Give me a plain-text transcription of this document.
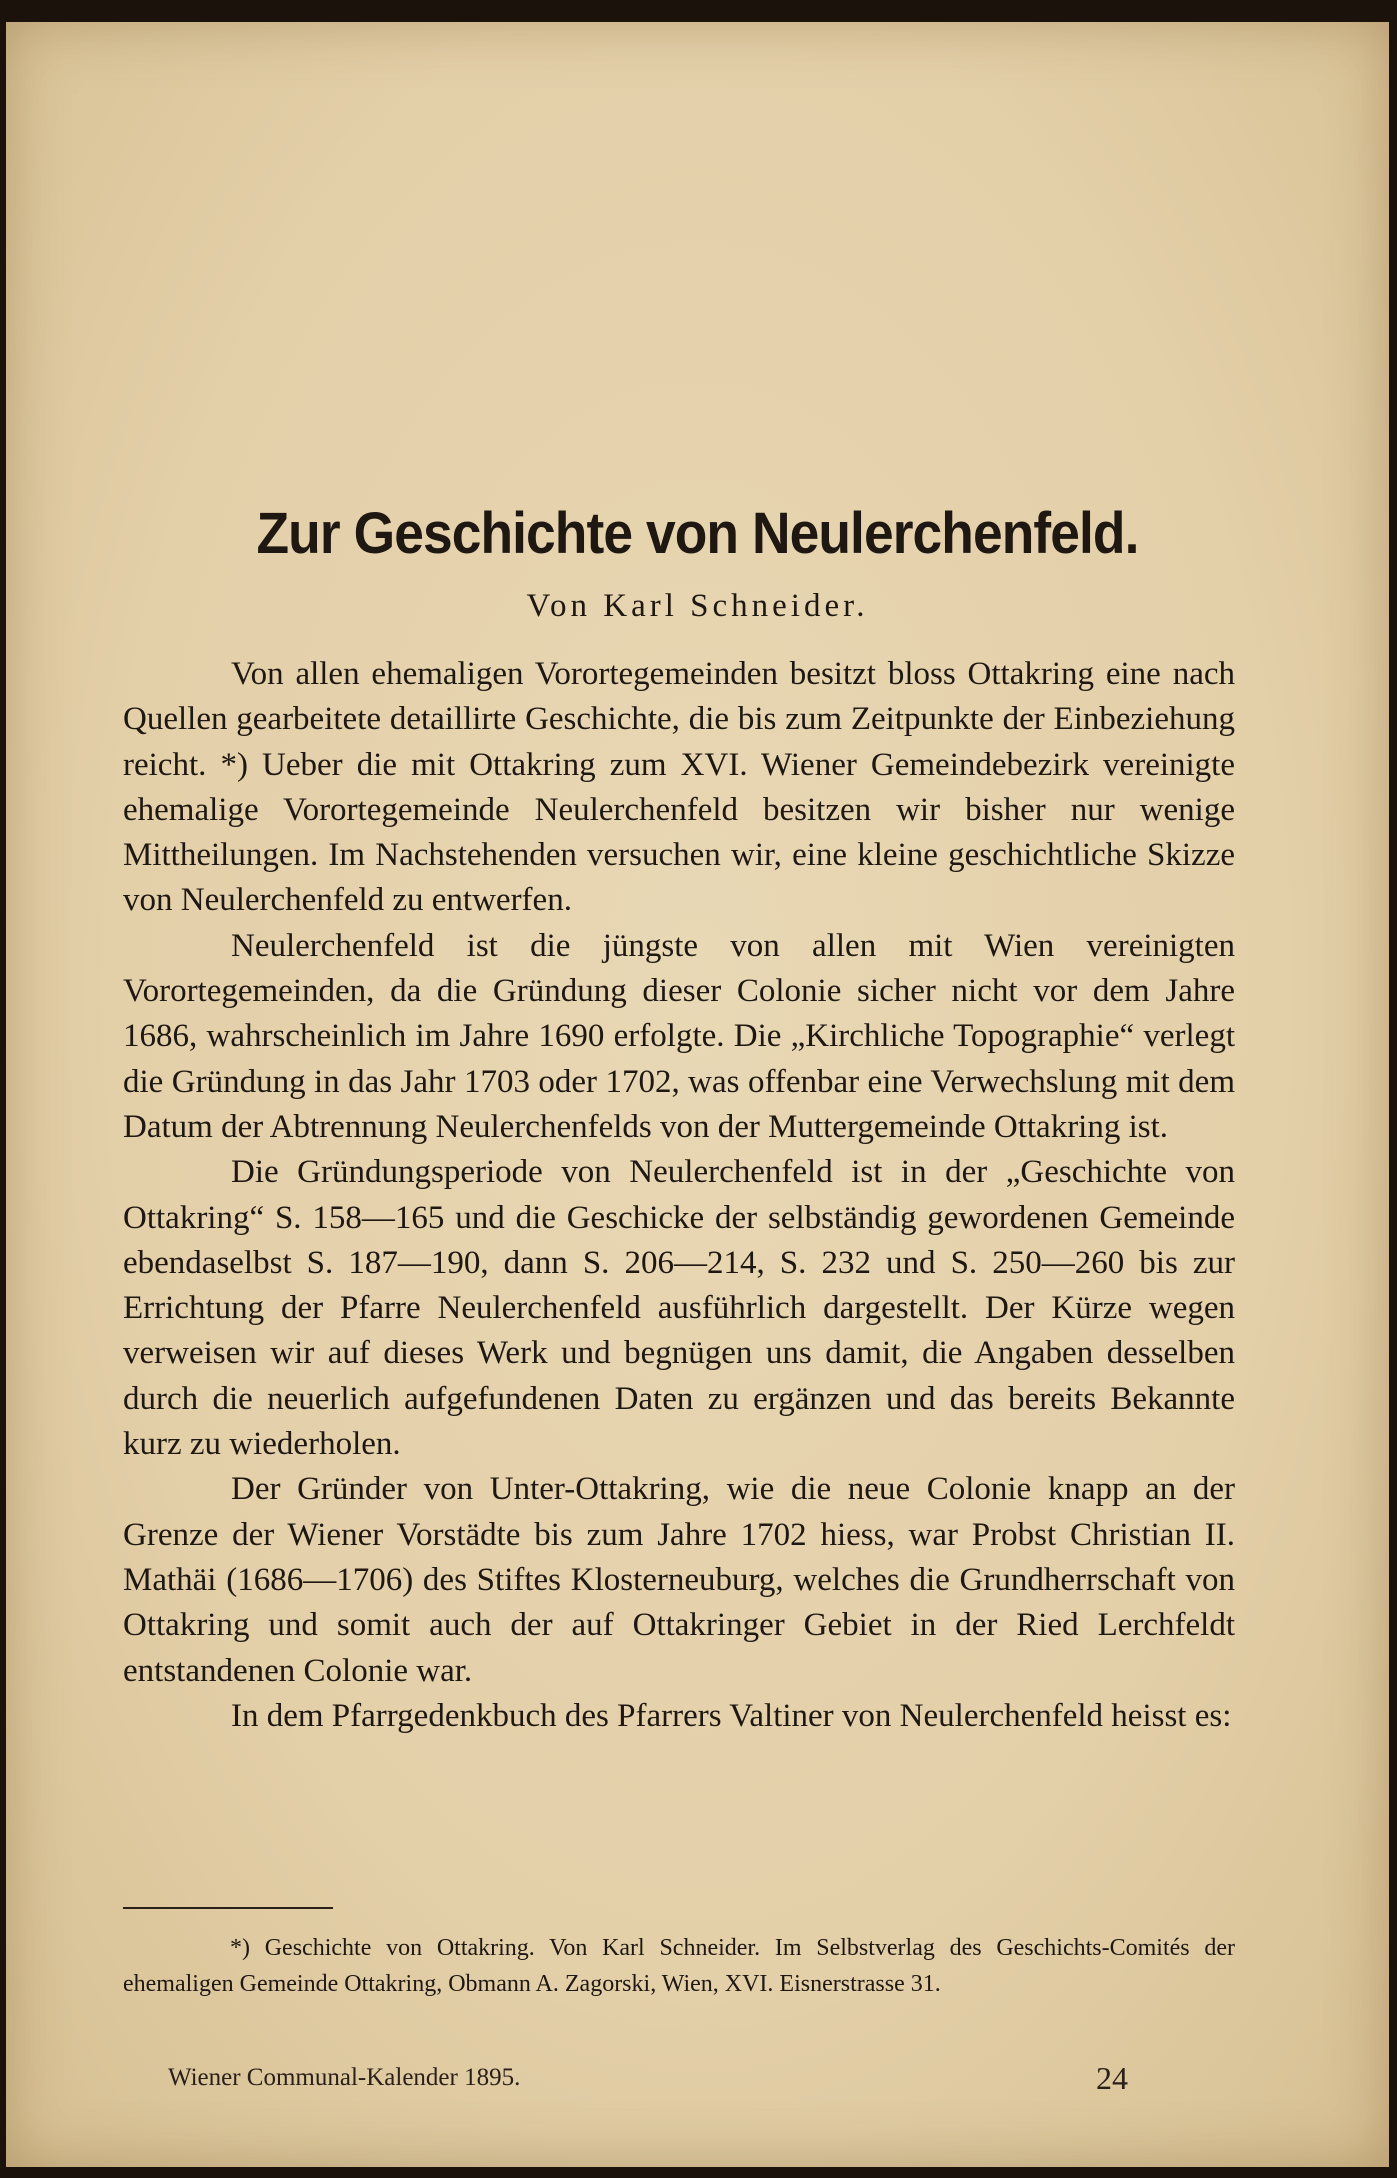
Zur Geschichte von Neulerchenfeld.
Von Karl Schneider.

Von allen ehemaligen Vorortegemeinden besitzt bloss Ottakring eine nach Quellen gearbeitete detaillirte Geschichte, die bis zum Zeitpunkte der Einbeziehung reicht. *) Ueber die mit Ottakring zum XVI. Wiener Gemeindebezirk vereinigte ehemalige Vorortegemeinde Neulerchenfeld besitzen wir bisher nur wenige Mittheilungen. Im Nachstehenden versuchen wir, eine kleine geschichtliche Skizze von Neulerchenfeld zu entwerfen.

Neulerchenfeld ist die jüngste von allen mit Wien vereinigten Vorortegemeinden, da die Gründung dieser Colonie sicher nicht vor dem Jahre 1686, wahrscheinlich im Jahre 1690 erfolgte. Die „Kirchliche Topographie“ verlegt die Gründung in das Jahr 1703 oder 1702, was offenbar eine Verwechslung mit dem Datum der Abtrennung Neulerchenfelds von der Muttergemeinde Ottakring ist.

Die Gründungsperiode von Neulerchenfeld ist in der „Geschichte von Ottakring“ S. 158—165 und die Geschicke der selbständig gewordenen Gemeinde ebendaselbst S. 187—190, dann S. 206—214, S. 232 und S. 250—260 bis zur Errichtung der Pfarre Neulerchenfeld ausführlich dargestellt. Der Kürze wegen verweisen wir auf dieses Werk und begnügen uns damit, die Angaben desselben durch die neuerlich aufgefundenen Daten zu ergänzen und das bereits Bekannte kurz zu wiederholen.

Der Gründer von Unter-Ottakring, wie die neue Colonie knapp an der Grenze der Wiener Vorstädte bis zum Jahre 1702 hiess, war Probst Christian II. Mathäi (1686—1706) des Stiftes Klosterneuburg, welches die Grundherrschaft von Ottakring und somit auch der auf Ottakringer Gebiet in der Ried Lerchfeldt entstandenen Colonie war.

In dem Pfarrgedenkbuch des Pfarrers Valtiner von Neulerchenfeld heisst es:

*) Geschichte von Ottakring. Von Karl Schneider. Im Selbstverlag des Geschichts-Comités der ehemaligen Gemeinde Ottakring, Obmann A. Zagorski, Wien, XVI. Eisnerstrasse 31.

Wiener Communal-Kalender 1895.	24
